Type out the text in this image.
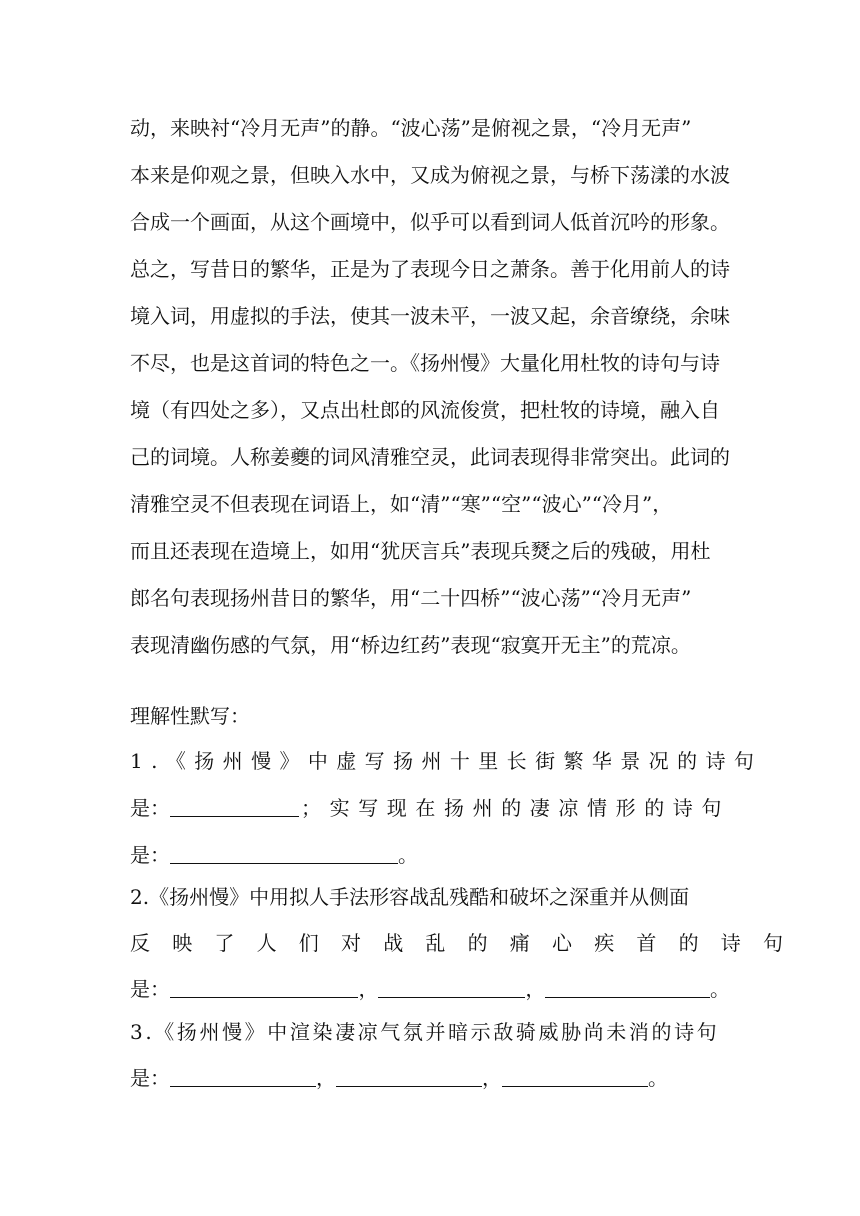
动，来映衬“冷月无声”的静。“波心荡”是俯视之景，“冷月无声”
本来是仰观之景，但映入水中，又成为俯视之景，与桥下荡漾的水波
合成一个画面，从这个画境中，似乎可以看到词人低首沉吟的形象。
总之，写昔日的繁华，正是为了表现今日之萧条。善于化用前人的诗
境入词，用虚拟的手法，使其一波未平，一波又起，余音缭绕，余味
不尽，也是这首词的特色之一。《扬州慢》大量化用杜牧的诗句与诗
境（有四处之多），又点出杜郎的风流俊赏，把杜牧的诗境，融入自
己的词境。人称姜夔的词风清雅空灵，此词表现得非常突出。此词的
清雅空灵不但表现在词语上，如“清”“寒”“空”“波心”“冷月”，
而且还表现在造境上，如用“犹厌言兵”表现兵燹之后的残破，用杜
郎名句表现扬州昔日的繁华，用“二十四桥”“波心荡”“冷月无声”
表现清幽伤感的气氛，用“桥边红药”表现“寂寞开无主”的荒凉。
理解性默写：
1.《扬州慢》中虚写扬州十里长街繁华景况的诗句
是：	；实写现在扬州的凄凉情形的诗句
是：	。
2.《扬州慢》中用拟人手法形容战乱残酷和破坏之深重并从侧面
反映了人们对战乱的痛心疾首的诗句
是：	，	，	。
3.《扬州慢》中渲染凄凉气氛并暗示敌骑威胁尚未消的诗句
是：	，	，	。
